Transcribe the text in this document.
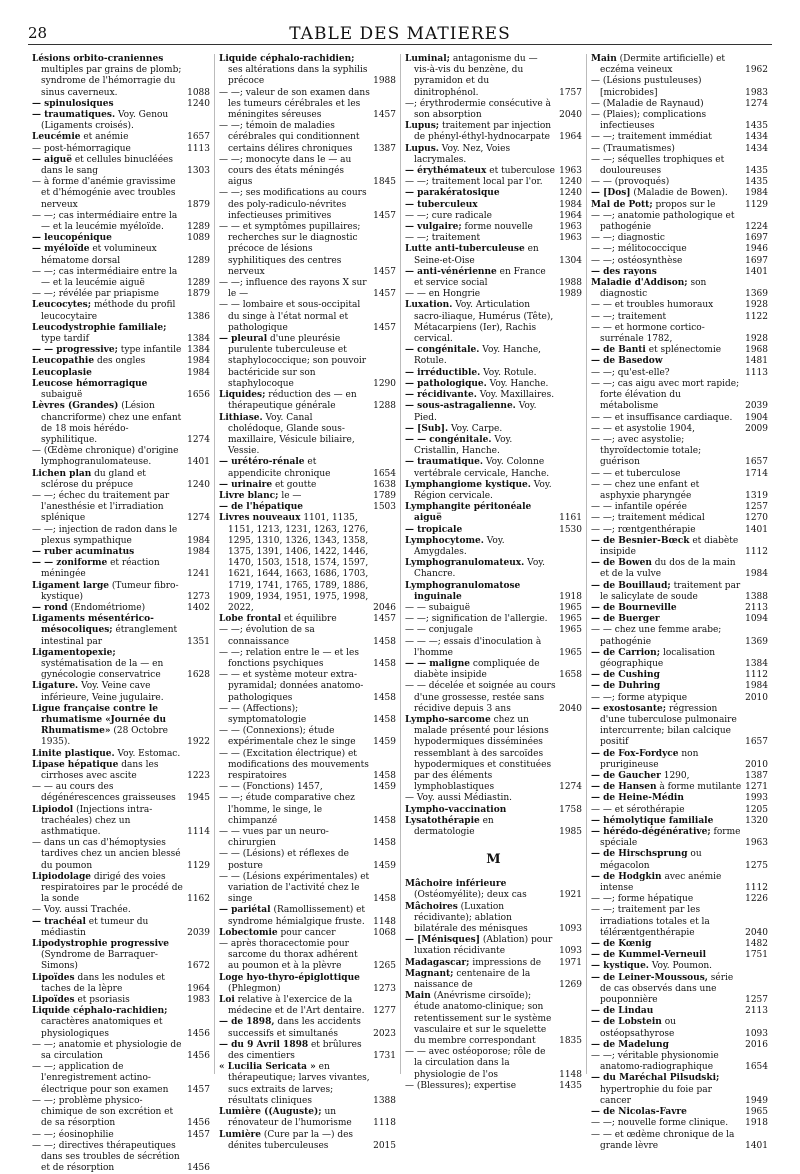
28	TABLE DES MATIERES
Lésions orbito-craniennes multiples par grains de plomb; syndrome de l'hémorragie du sinus caverneux.	1088
— spinulosiques	1240
— traumatiques. Voy. Genou (Ligaments croisés).
Leucémie et anémie	1657
— post-hémorragique	1113
— aiguë et cellules binucléées dans le sang	1303
— à forme d'anémie gravissime et d'hémogénie avec troubles nerveux	1879
— —; cas intermédiaire entre la — et la leucémie myéloïde.	1289
— leucopénique	1089
— myéloïde et volumineux hématome dorsal	1289
— —; cas intermédiaire entre la — et la leucémie aiguë	1289
— —; révélée par priapisme	1879
Leucocytes; méthode du profil leucocytaire	1386
Leucodystrophie familiale; type tardif	1384
— — progressive; type infantile 1384
Leucopathie des ongles	1984
Leucoplasie	1984
Leucose hémorragique subaiguë	1656
Lèvres (Grandes) (Lésion chancriforme) chez une enfant de 18 mois hérédo-syphilitique.	1274
— (Œdème chronique) d'origine lymphogranulomateuse.	1401
Lichen plan du gland et sclérose du prépuce	1240
— —; échec du traitement par l'anesthésie et l'irradiation splénique	1274
— —; injection de radon dans le plexus sympathique	1984
— ruber acuminatus	1984
— — zoniforme et réaction méningée	1241
Ligament large (Tumeur fibro-kystique)	1273
— rond (Endométriome)	1402
Ligaments mésentérico-mésocoliques; étranglement intestinal par	1351
Ligamentopexie; systématisation de la — en gynécologie conservatrice	1628
Ligature. Voy. Veine cave inférieure, Veine jugulaire.
Ligue française contre le rhumatisme «Journée du Rhumatisme» (28 Octobre 1935).	1922
Linite plastique. Voy. Estomac.
Lipase hépatique dans les cirrhoses avec ascite	1223
— — au cours des dégénérescences graisseuses 1945
Lipiodol (Injections intra-trachéales) chez un asthmatique.	1114
— dans un cas d'hémoptysies tardives chez un ancien blessé du poumon	1129
Lipiodolage dirigé des voies respiratoires par le procédé de la sonde	1162
— Voy. aussi Trachée.
— trachéal et tumeur du médiastin	2039
Lipodystrophie progressive (Syndrome de Barraquer-Simons)	1672
Lipoïdes dans les nodules et taches de la lèpre	1964
Lipoïdes et psoriasis	1983
Liquide céphalo-rachidien; caractères anatomiques et physiologiques	1456
— —; anatomie et physiologie de sa circulation	1456
— —; application de l'enregistrement actino-électrique pour son examen 1457
— —; problème physico-chimique de son excrétion et de sa résorption	1456
— —; éosinophilie	1457
— —; directives thérapeutiques dans ses troubles de sécrétion et de résorption	1456
Liquide céphalo-rachidien; ses altérations dans la syphilis précoce	1988
— —; valeur de son examen dans les tumeurs cérébrales et les méningites séreuses	1457
— —; témoin de maladies cérébrales qui conditionnent certains délires chroniques 1387
— —; monocyte dans le — au cours des états méningés aigus	1845
— —; ses modifications au cours des poly-radiculo-névrites infectieuses primitives	1457
— — et symptômes pupillaires; recherches sur le diagnostic précoce de lésions syphilitiques des centres nerveux	1457
— —; influence des rayons X sur le —	1457
— — lombaire et sous-occipital du singe à l'état normal et pathologique	1457
— pleural d'une pleurésie purulente tuberculeuse et staphylococcique; son pouvoir bactéricide sur son staphylocoque	1290
Liquides; réduction des — en thérapeutique générale	1288
Lithiase. Voy. Canal cholédoque, Glande sous-maxillaire, Vésicule biliaire, Vessie.
— urétéro-rénale et appendicite chronique	1654
— urinaire et goutte	1638
Livre blanc; le —	1789
— de l'hépatique	1503
Livres nouveaux 1101, 1135, 1151, 1213, 1231, 1263, 1276, 1295, 1310, 1326, 1343, 1358, 1375, 1391, 1406, 1422, 1446, 1470, 1503, 1518, 1574, 1597, 1621, 1644, 1663, 1686, 1703, 1719, 1741, 1765, 1789, 1886, 1909, 1934, 1951, 1975, 1998, 2022,	2046
Lobe frontal et équilibre	1457
— —; évolution de sa connaissance	1458
— —; relation entre le — et les fonctions psychiques	1458
— — et système moteur extra-pyramidal; données anatomo-pathologiques	1458
— — (Affections); symptomatologie	1458
— — (Connexions); étude expérimentale chez le singe 1459
— — (Excitation électrique) et modifications des mouvements respiratoires	1458
— — (Fonctions) 1457,	1459
— —; étude comparative chez l'homme, le singe, le chimpanzé	1458
— — vues par un neuro-chirurgien	1458
— — (Lésions) et réflexes de posture	1459
— — (Lésions expérimentales) et variation de l'activité chez le singe	1458
— pariétal (Ramollissement) et syndrome hémialgique fruste. 1148
Lobectomie pour cancer	1068
— après thoracectomie pour sarcome du thorax adhérent au poumon et à la plèvre	1265
Loge hyo-thyro-épiglottique (Phlegmon)	1273
Loi relative à l'exercice de la médecine et de l'Art dentaire. 1277
— de 1898, dans les accidents successifs et simultanés	2023
— du 9 Avril 1898 et brûlures des cimentiers	1731
« Lucilia Sericata » en thérapeutique; larves vivantes, sucs extraits de larves; résultats cliniques	1388
Lumière ((Auguste); un rénovateur de l'humorisme 1118
Lumière (Cure par la —) des dénites tuberculeuses	2015
Luminal; antagonisme du — vis-à-vis du benzène, du pyramidon et du dinitrophénol.	1757
—; érythrodermie consécutive à son absorption	2040
Lupus; traitement par injection de phényl-éthyl-hydnocarpate 1964
Lupus. Voy. Nez, Voies lacrymales.
— érythémateux et tuberculose 1963
— —; traitement local par l'or. 1240
— parakératosique	1240
— tuberculeux	1984
— —; cure radicale	1964
— vulgaire; forme nouvelle	1963
— —; traitement	1963
Lutte anti-tuberculeuse en Seine-et-Oise	1304
— anti-vénérienne en France et service social	1988
— — en Hongrie	1989
Luxation. Voy. Articulation sacro-iliaque, Humérus (Tête), Métacarpiens (Ier), Rachis cervical.
— congénitale. Voy. Hanche, Rotule.
— irréductible. Voy. Rotule.
— pathologique. Voy. Hanche.
— récidivante. Voy. Maxillaires.
— sous-astragalienne. Voy. Pied.
— [Sub]. Voy. Carpe.
— — congénitale. Voy. Cristallin, Hanche.
— traumatique. Voy. Colonne vertébrale cervicale, Hanche.
Lymphangiome kystique. Voy. Région cervicale.
Lymphangite péritonéale aiguë	1161
— tropicale	1530
Lymphocytome. Voy. Amygdales.
Lymphogranulomateux. Voy. Chancre.
Lymphogranulomatose inguinale	1918
— — subaiguë	1965
— —; signification de l'allergie. 1965
— — conjugale	1965
— — —; essais d'inoculation à l'homme	1965
— — maligne compliquée de diabète insipide	1658
— — décelée et soignée au cours d'une grossesse, restée sans récidive depuis 3 ans	2040
Lympho-sarcome chez un malade présenté pour lésions hypodermiques disséminées ressemblant à des sarcoïdes hypodermiques et constituées par des éléments lymphoblastiques	1274
— Voy. aussi Médiastin.
Lympho-vaccination	1758
Lysatothérapie en dermatologie	1985
M
Mâchoire inférieure (Ostéomyélite); deux cas	1921
Mâchoires (Luxation récidivante); ablation bilatérale des ménisques	1093
— [Ménisques] (Ablation) pour luxation récidivante	1093
Madagascar; impressions de 1971
Magnant; centenaire de la naissance de	1269
Main (Anévrisme cirsoïde); étude anatomo-clinique; son retentissement sur le système vasculaire et sur le squelette du membre correspondant	1835
— — avec ostéoporose; rôle de la circulation dans la physiologie de l'os	1148
— (Blessures); expertise	1435
Main (Dermite artificielle) et eczéma veineux	1962
— (Lésions pustuleuses) [microbides]	1983
— (Maladie de Raynaud)	1274
— (Plaies); complications infectieuses	1435
— —; traitement immédiat	1434
— (Traumatismes)	1434
— —; séquelles trophiques et douloureuses	1435
— — (provoqués)	1435
— [Dos] (Maladie de Bowen). 1984
Mal de Pott; propos sur le	1129
— —; anatomie pathologique et pathogénie	1224
— —; diagnostic	1697
— —; mélitococcique	1946
— —; ostéosynthèse	1697
— des rayons	1401
Maladie d'Addison; son diagnostic	1369
— — et troubles humoraux	1928
— —; traitement	1122
— — et hormone cortico-surrénale 1782,	1928
— de Banti et splénectomie	1968
— de Basedow	1481
— —; qu'est-elle?	1113
— —; cas aigu avec mort rapide; forte élévation du métabolisme	2039
— — et insuffisance cardiaque. 1904
— — et asystolie 1904,	2009
— —; avec asystolie; thyroïdectomie totale; guérison	1657
— — et tuberculose	1714
— — chez une enfant et asphyxie pharyngée	1319
— — infantile opérée	1257
— —; traitement médical	1270
— —; rœntgenthérapie	1401
— de Besnier-Bœck et diabète insipide	1112
— de Bowen du dos de la main et de la vulve	1984
— de Bouillaud; traitement par le salicylate de soude	1388
— de Bourneville	2113
— de Buerger	1094
— — chez une femme arabe; pathogénie	1369
— de Carrion; localisation géographique	1384
— de Cushing	1112
— de Duhring	1984
— —; forme atypique	2010
— exostosante; régression d'une tuberculose pulmonaire intercurrente; bilan calcique positif	1657
— de Fox-Fordyce non prurigineuse	2010
— de Gaucher 1290,	1387
— de Hansen à forme mutilante 1271
— de Heine-Médin	1993
— — et sérothérapie	1205
— hémolytique familiale	1320
— hérédo-dégénérative; forme spéciale	1963
— de Hirschsprung ou mégacolon	1275
— de Hodgkin avec anémie intense	1112
— —; forme hépatique	1226
— —; traitement par les irradiations totales et la téléræntgenthérapie	2040
— de Kœnig	1482
— de Kummel-Verneuil	1751
— kystique. Voy. Poumon.
— de Leiner-Moussous, série de cas observés dans une pouponnière	1257
— de Lindau	2113
— de Lobstein ou ostéopsathyrose	1093
— de Madelung	2016
— —; véritable physionomie anatomo-radiographique	1654
— du Maréchal Pilsudski; hypertrophie du foie par cancer	1949
— de Nicolas-Favre	1965
— —; nouvelle forme clinique. 1918
— — et œdème chronique de la grande lèvre	1401
